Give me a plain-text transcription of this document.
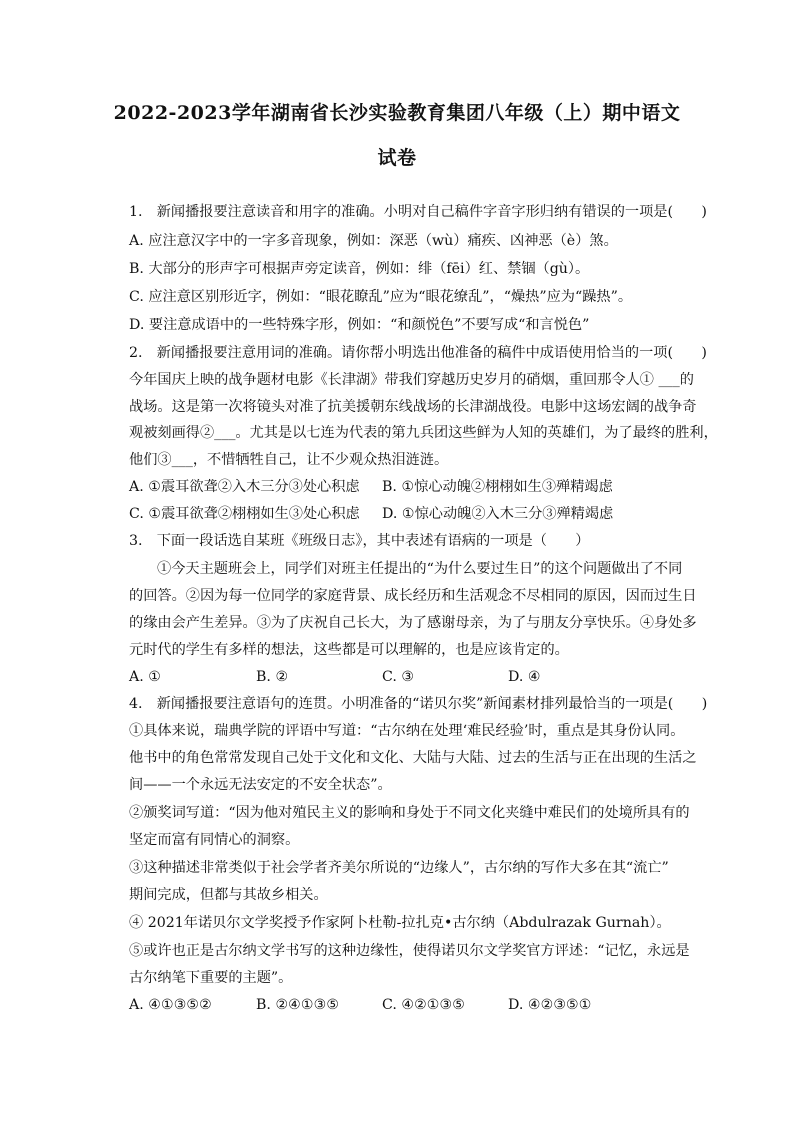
2022-2023学年湖南省长沙实验教育集团八年级（上）期中语文
试卷
1.　新闻播报要注意读音和用字的准确。小明对自己稿件字音字形归纳有错误的一项是(　　)
A. 应注意汉字中的一字多音现象，例如：深恶（wù）痛疾、凶神恶（è）煞。
B. 大部分的形声字可根据声旁定读音，例如：绯（fēi）红、禁锢（gù）。
C. 应注意区别形近字，例如：“眼花瞭乱”应为“眼花缭乱”，“燥热”应为“躁热”。
D. 要注意成语中的一些特殊字形，例如：“和颜悦色”不要写成“和言悦色”
2.　新闻播报要注意用词的准确。请你帮小明选出他准备的稿件中成语使用恰当的一项(　　)
今年国庆上映的战争题材电影《长津湖》带我们穿越历史岁月的硝烟，重回那令人① ___的
战场。这是第一次将镜头对准了抗美援朝东线战场的长津湖战役。电影中这场宏阔的战争奇
观被刻画得②___。尤其是以七连为代表的第九兵团这些鲜为人知的英雄们，为了最终的胜利，
他们③___，不惜牺牲自己，让不少观众热泪涟涟。
A. ①震耳欲聋②入木三分③处心积虑 B. ①惊心动魄②栩栩如生③殚精竭虑
C. ①震耳欲聋②栩栩如生③处心积虑 D. ①惊心动魄②入木三分③殚精竭虑
3.　下面一段话选自某班《班级日志》，其中表述有语病的一项是（　　）
①今天主题班会上，同学们对班主任提出的“为什么要过生日”的这个问题做出了不同
的回答。②因为每一位同学的家庭背景、成长经历和生活观念不尽相同的原因，因而过生日
的缘由会产生差异。③为了庆祝自己长大，为了感谢母亲，为了与朋友分享快乐。④身处多
元时代的学生有多样的想法，这些都是可以理解的，也是应该肯定的。
A. ①	B. ②	C. ③	D. ④
4.　新闻播报要注意语句的连贯。小明准备的“诺贝尔奖”新闻素材排列最恰当的一项是(　　)
①具体来说，瑞典学院的评语中写道：“古尔纳在处理‘难民经验’时，重点是其身份认同。
他书中的角色常常发现自己处于文化和文化、大陆与大陆、过去的生活与正在出现的生活之
间——一个永远无法安定的不安全状态”。
②颁奖词写道：“因为他对殖民主义的影响和身处于不同文化夹缝中难民们的处境所具有的
坚定而富有同情心的洞察。
③这种描述非常类似于社会学者齐美尔所说的“边缘人”，古尔纳的写作大多在其“流亡”
期间完成，但都与其故乡相关。
④ 2021年诺贝尔文学奖授予作家阿卜杜勒-拉扎克•古尔纳（Abdulrazak Gurnah）。
⑤或许也正是古尔纳文学书写的这种边缘性，使得诺贝尔文学奖官方评述：“记忆，永远是
古尔纳笔下重要的主题”。
A. ④①③⑤②	B. ②④①③⑤	C. ④②①③⑤	D. ④②③⑤①
